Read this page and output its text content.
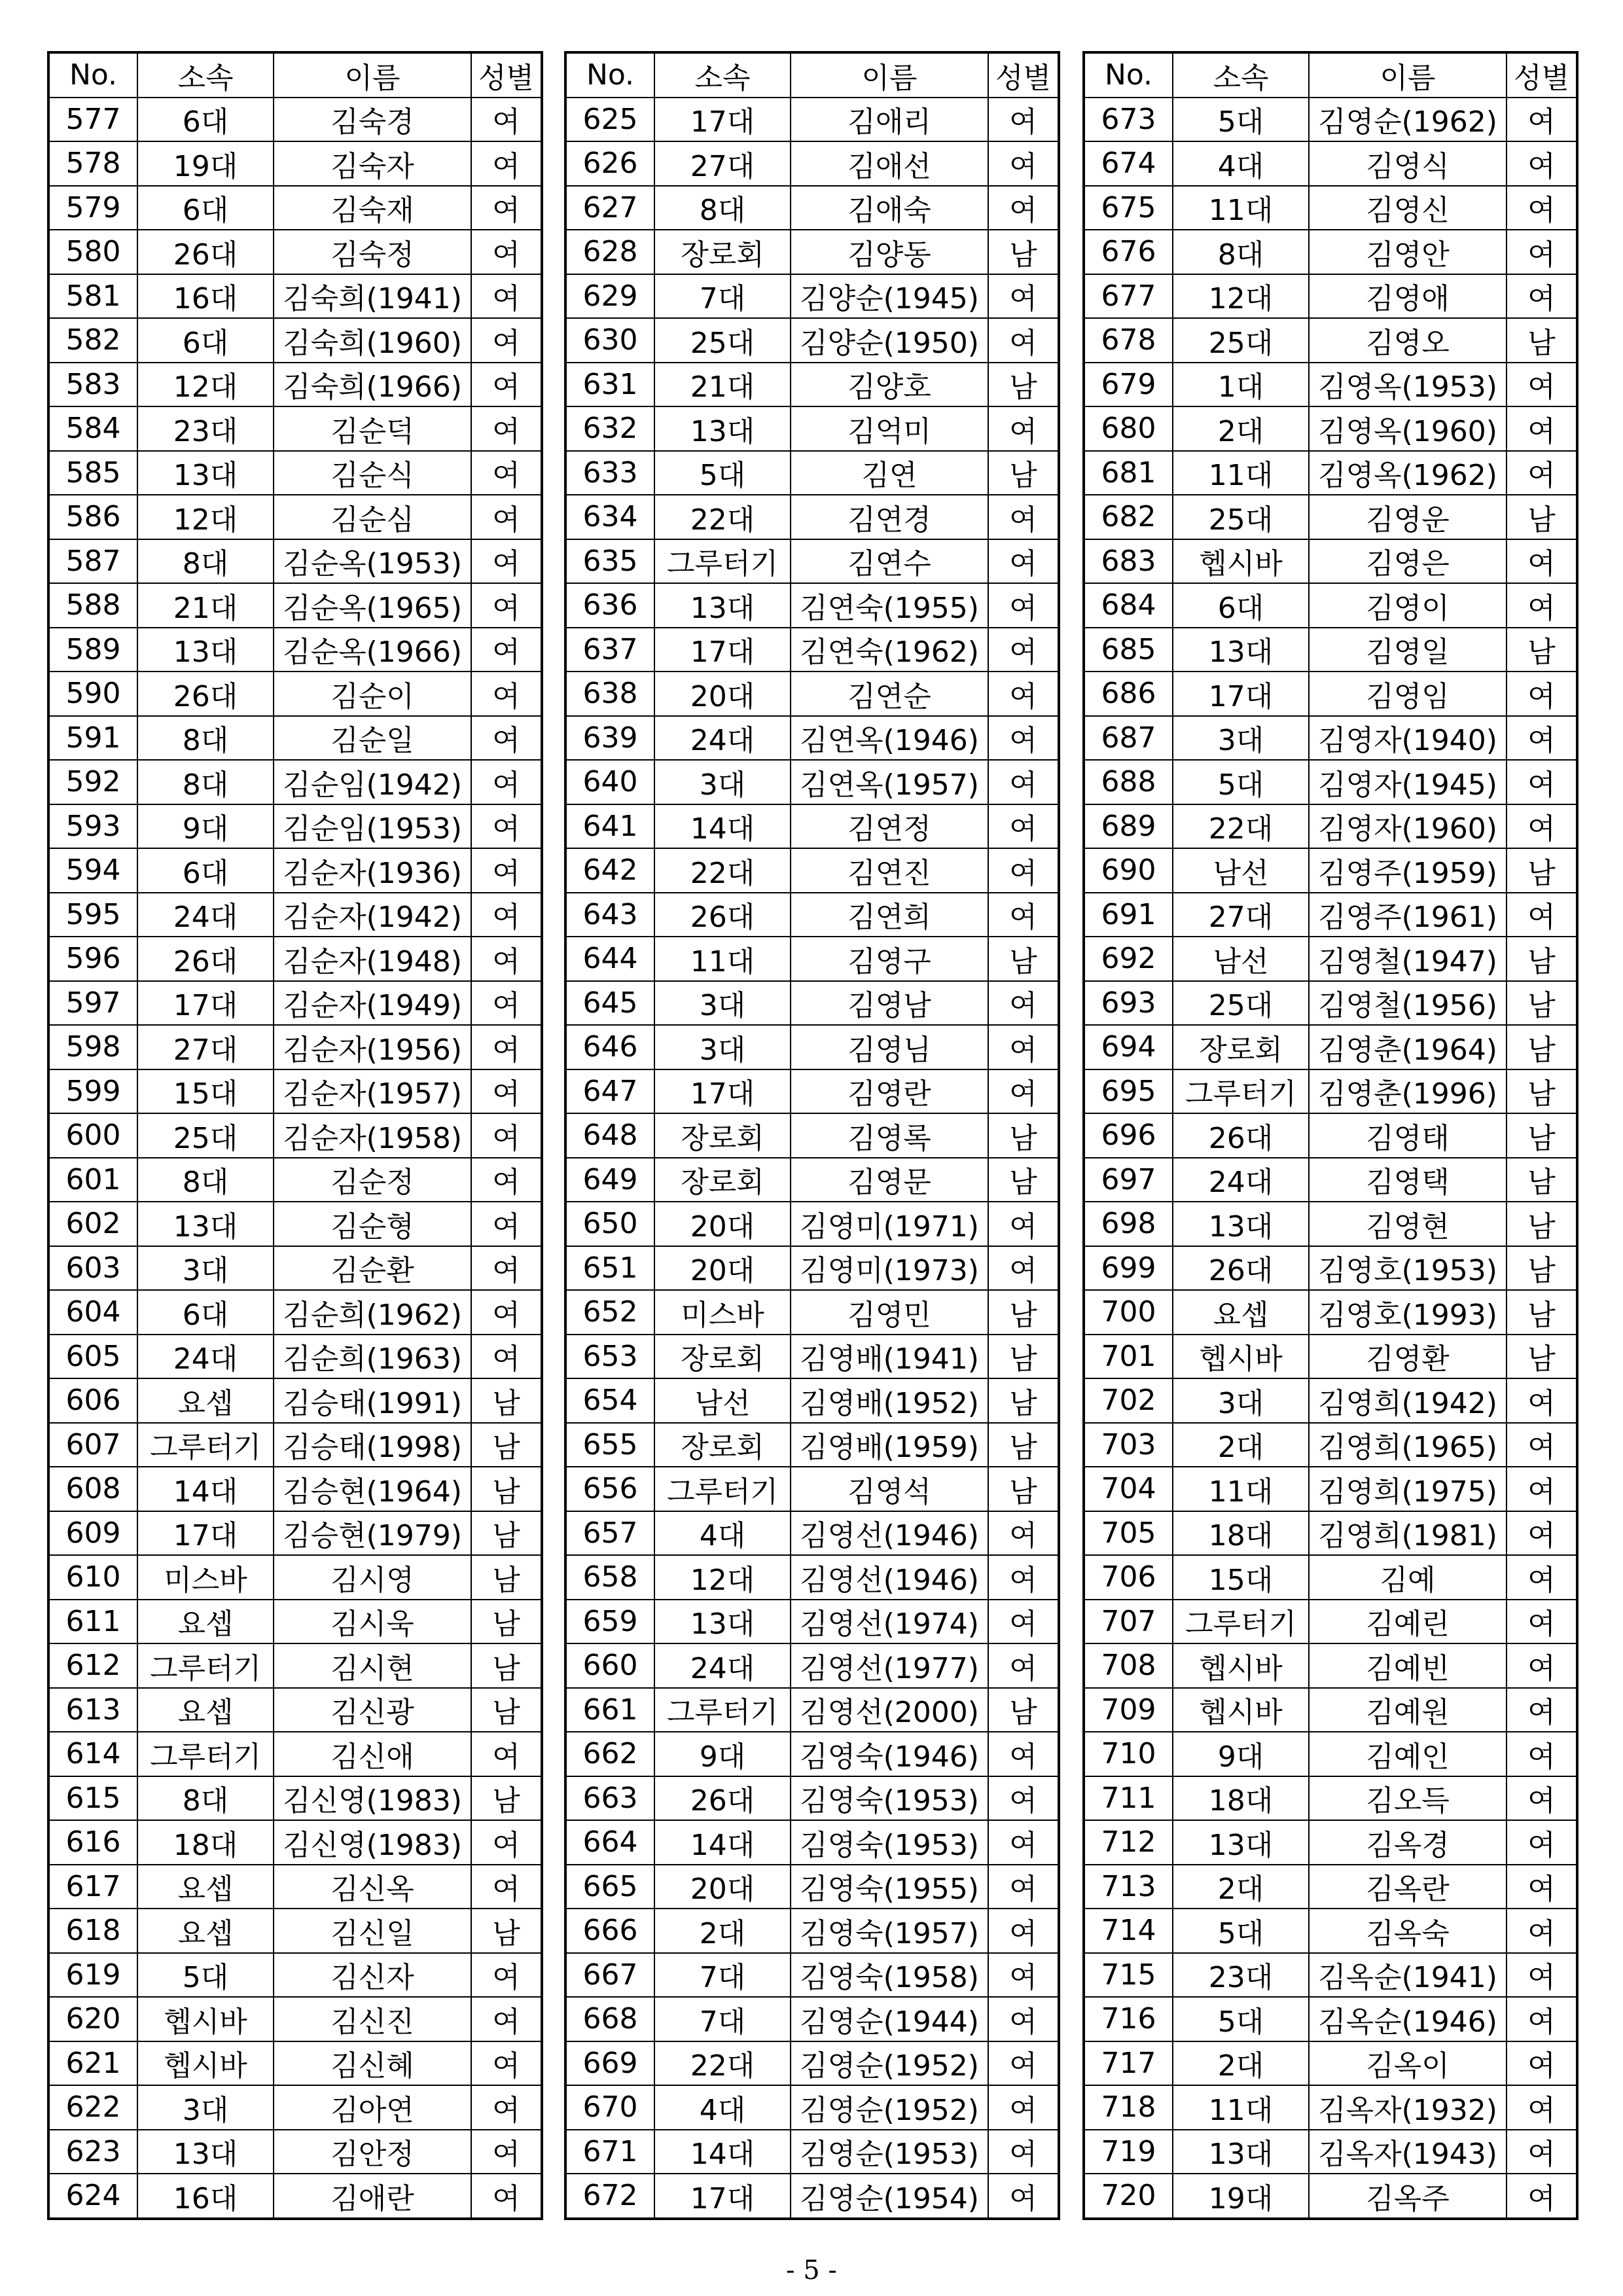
No.	소속	이름	성별
577	6대	김숙경	여
578	19대	김숙자	여
579	6대	김숙재	여
580	26대	김숙정	여
581	16대	김숙희(1941)	여
582	6대	김숙희(1960)	여
583	12대	김숙희(1966)	여
584	23대	김순덕	여
585	13대	김순식	여
586	12대	김순심	여
587	8대	김순옥(1953)	여
588	21대	김순옥(1965)	여
589	13대	김순옥(1966)	여
590	26대	김순이	여
591	8대	김순일	여
592	8대	김순임(1942)	여
593	9대	김순임(1953)	여
594	6대	김순자(1936)	여
595	24대	김순자(1942)	여
596	26대	김순자(1948)	여
597	17대	김순자(1949)	여
598	27대	김순자(1956)	여
599	15대	김순자(1957)	여
600	25대	김순자(1958)	여
601	8대	김순정	여
602	13대	김순형	여
603	3대	김순환	여
604	6대	김순희(1962)	여
605	24대	김순희(1963)	여
606	요셉	김승태(1991)	남
607	그루터기	김승태(1998)	남
608	14대	김승현(1964)	남
609	17대	김승현(1979)	남
610	미스바	김시영	남
611	요셉	김시욱	남
612	그루터기	김시현	남
613	요셉	김신광	남
614	그루터기	김신애	여
615	8대	김신영(1983)	남
616	18대	김신영(1983)	여
617	요셉	김신옥	여
618	요셉	김신일	남
619	5대	김신자	여
620	헵시바	김신진	여
621	헵시바	김신혜	여
622	3대	김아연	여
623	13대	김안정	여
624	16대	김애란	여
No.	소속	이름	성별
625	17대	김애리	여
626	27대	김애선	여
627	8대	김애숙	여
628	장로회	김양동	남
629	7대	김양순(1945)	여
630	25대	김양순(1950)	여
631	21대	김양호	남
632	13대	김억미	여
633	5대	김연	남
634	22대	김연경	여
635	그루터기	김연수	여
636	13대	김연숙(1955)	여
637	17대	김연숙(1962)	여
638	20대	김연순	여
639	24대	김연옥(1946)	여
640	3대	김연옥(1957)	여
641	14대	김연정	여
642	22대	김연진	여
643	26대	김연희	여
644	11대	김영구	남
645	3대	김영남	여
646	3대	김영님	여
647	17대	김영란	여
648	장로회	김영록	남
649	장로회	김영문	남
650	20대	김영미(1971)	여
651	20대	김영미(1973)	여
652	미스바	김영민	남
653	장로회	김영배(1941)	남
654	남선	김영배(1952)	남
655	장로회	김영배(1959)	남
656	그루터기	김영석	남
657	4대	김영선(1946)	여
658	12대	김영선(1946)	여
659	13대	김영선(1974)	여
660	24대	김영선(1977)	여
661	그루터기	김영선(2000)	남
662	9대	김영숙(1946)	여
663	26대	김영숙(1953)	여
664	14대	김영숙(1953)	여
665	20대	김영숙(1955)	여
666	2대	김영숙(1957)	여
667	7대	김영숙(1958)	여
668	7대	김영순(1944)	여
669	22대	김영순(1952)	여
670	4대	김영순(1952)	여
671	14대	김영순(1953)	여
672	17대	김영순(1954)	여
No.	소속	이름	성별
673	5대	김영순(1962)	여
674	4대	김영식	여
675	11대	김영신	여
676	8대	김영안	여
677	12대	김영애	여
678	25대	김영오	남
679	1대	김영옥(1953)	여
680	2대	김영옥(1960)	여
681	11대	김영옥(1962)	여
682	25대	김영운	남
683	헵시바	김영은	여
684	6대	김영이	여
685	13대	김영일	남
686	17대	김영임	여
687	3대	김영자(1940)	여
688	5대	김영자(1945)	여
689	22대	김영자(1960)	여
690	남선	김영주(1959)	남
691	27대	김영주(1961)	여
692	남선	김영철(1947)	남
693	25대	김영철(1956)	남
694	장로회	김영춘(1964)	남
695	그루터기	김영춘(1996)	남
696	26대	김영태	남
697	24대	김영택	남
698	13대	김영현	남
699	26대	김영호(1953)	남
700	요셉	김영호(1993)	남
701	헵시바	김영환	남
702	3대	김영희(1942)	여
703	2대	김영희(1965)	여
704	11대	김영희(1975)	여
705	18대	김영희(1981)	여
706	15대	김예	여
707	그루터기	김예린	여
708	헵시바	김예빈	여
709	헵시바	김예원	여
710	9대	김예인	여
711	18대	김오득	여
712	13대	김옥경	여
713	2대	김옥란	여
714	5대	김옥숙	여
715	23대	김옥순(1941)	여
716	5대	김옥순(1946)	여
717	2대	김옥이	여
718	11대	김옥자(1932)	여
719	13대	김옥자(1943)	여
720	19대	김옥주	여
- 5 -
